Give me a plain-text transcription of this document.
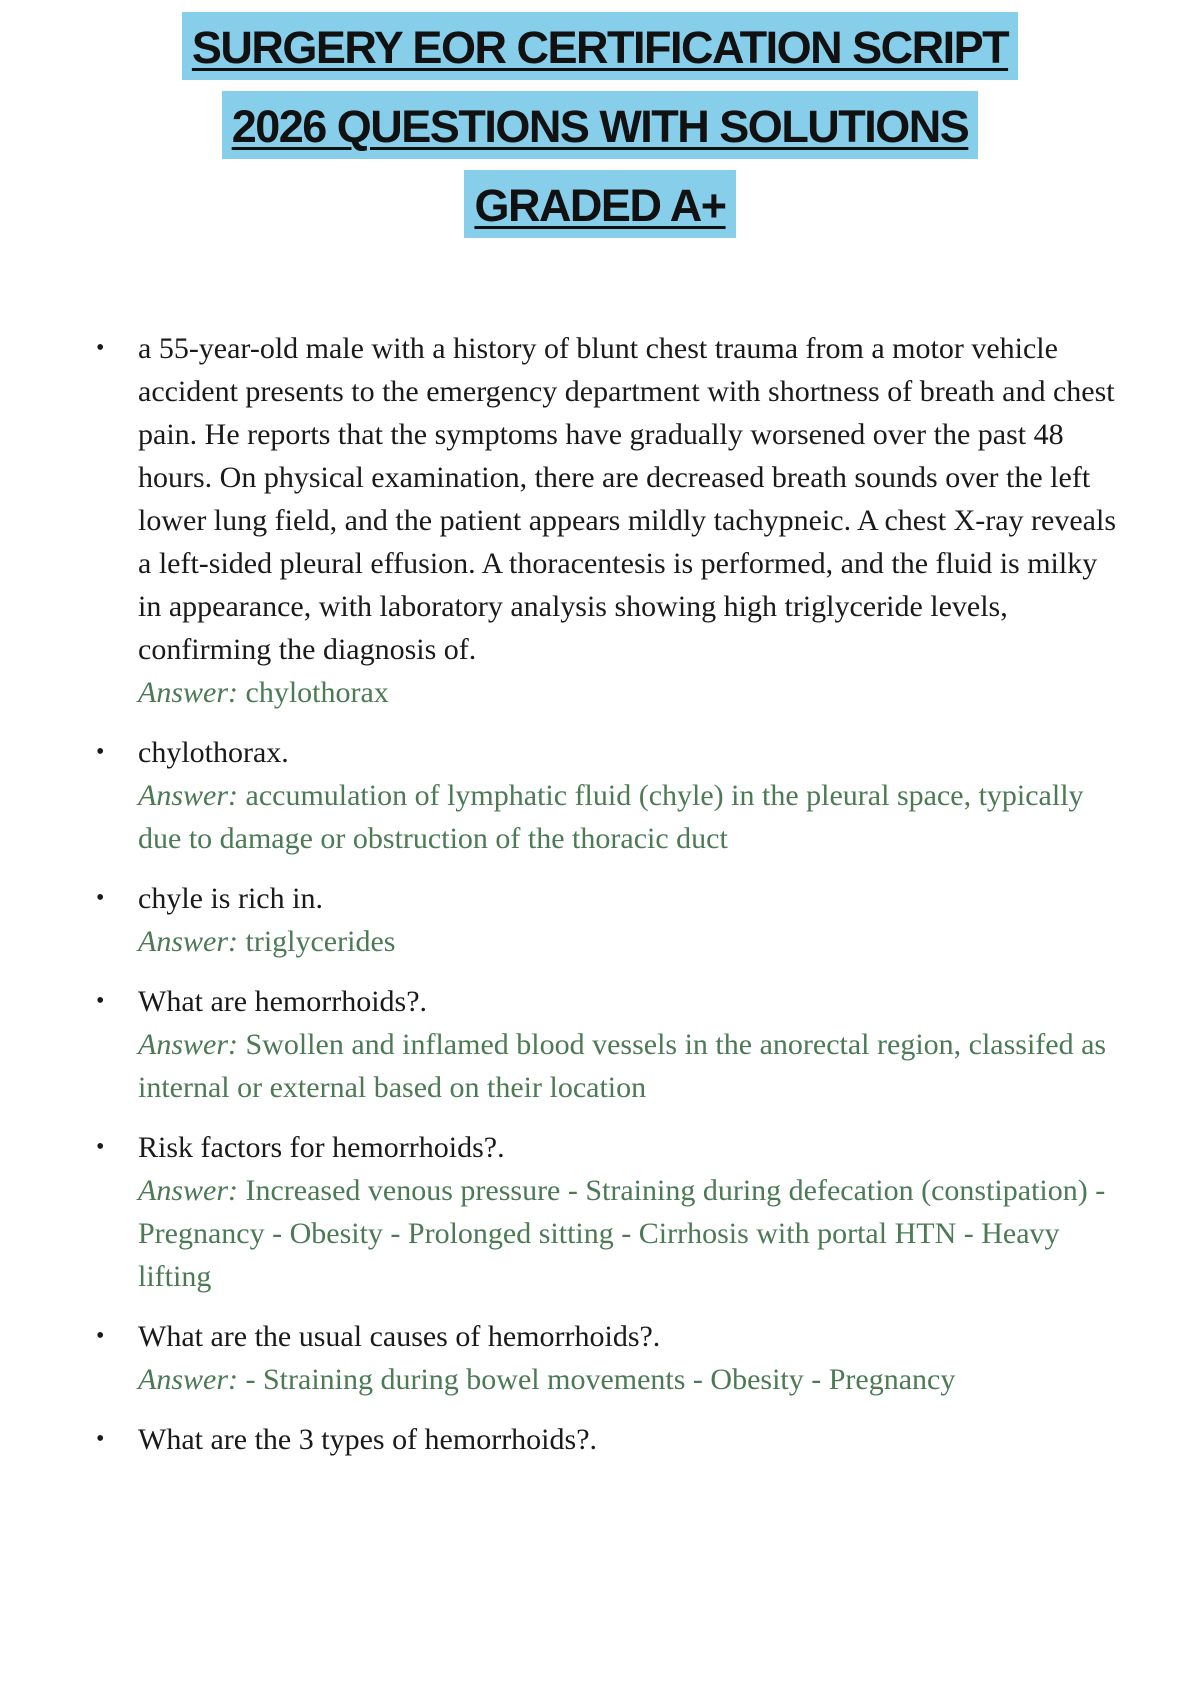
SURGERY EOR CERTIFICATION SCRIPT
2026 QUESTIONS WITH SOLUTIONS
GRADED A+
• a 55-year-old male with a history of blunt chest trauma from a motor vehicle accident presents to the emergency department with shortness of breath and chest pain. He reports that the symptoms have gradually worsened over the past 48 hours. On physical examination, there are decreased breath sounds over the left lower lung field, and the patient appears mildly tachypneic. A chest X-ray reveals a left-sided pleural effusion. A thoracentesis is performed, and the fluid is milky in appearance, with laboratory analysis showing high triglyceride levels, confirming the diagnosis of.
Answer: chylothorax
• chylothorax.
Answer: accumulation of lymphatic fluid (chyle) in the pleural space, typically due to damage or obstruction of the thoracic duct
• chyle is rich in.
Answer: triglycerides
• What are hemorrhoids?.
Answer: Swollen and inflamed blood vessels in the anorectal region, classifed as internal or external based on their location
• Risk factors for hemorrhoids?.
Answer: Increased venous pressure - Straining during defecation (constipation) - Pregnancy - Obesity - Prolonged sitting - Cirrhosis with portal HTN - Heavy lifting
• What are the usual causes of hemorrhoids?.
Answer: - Straining during bowel movements - Obesity - Pregnancy
• What are the 3 types of hemorrhoids?.
